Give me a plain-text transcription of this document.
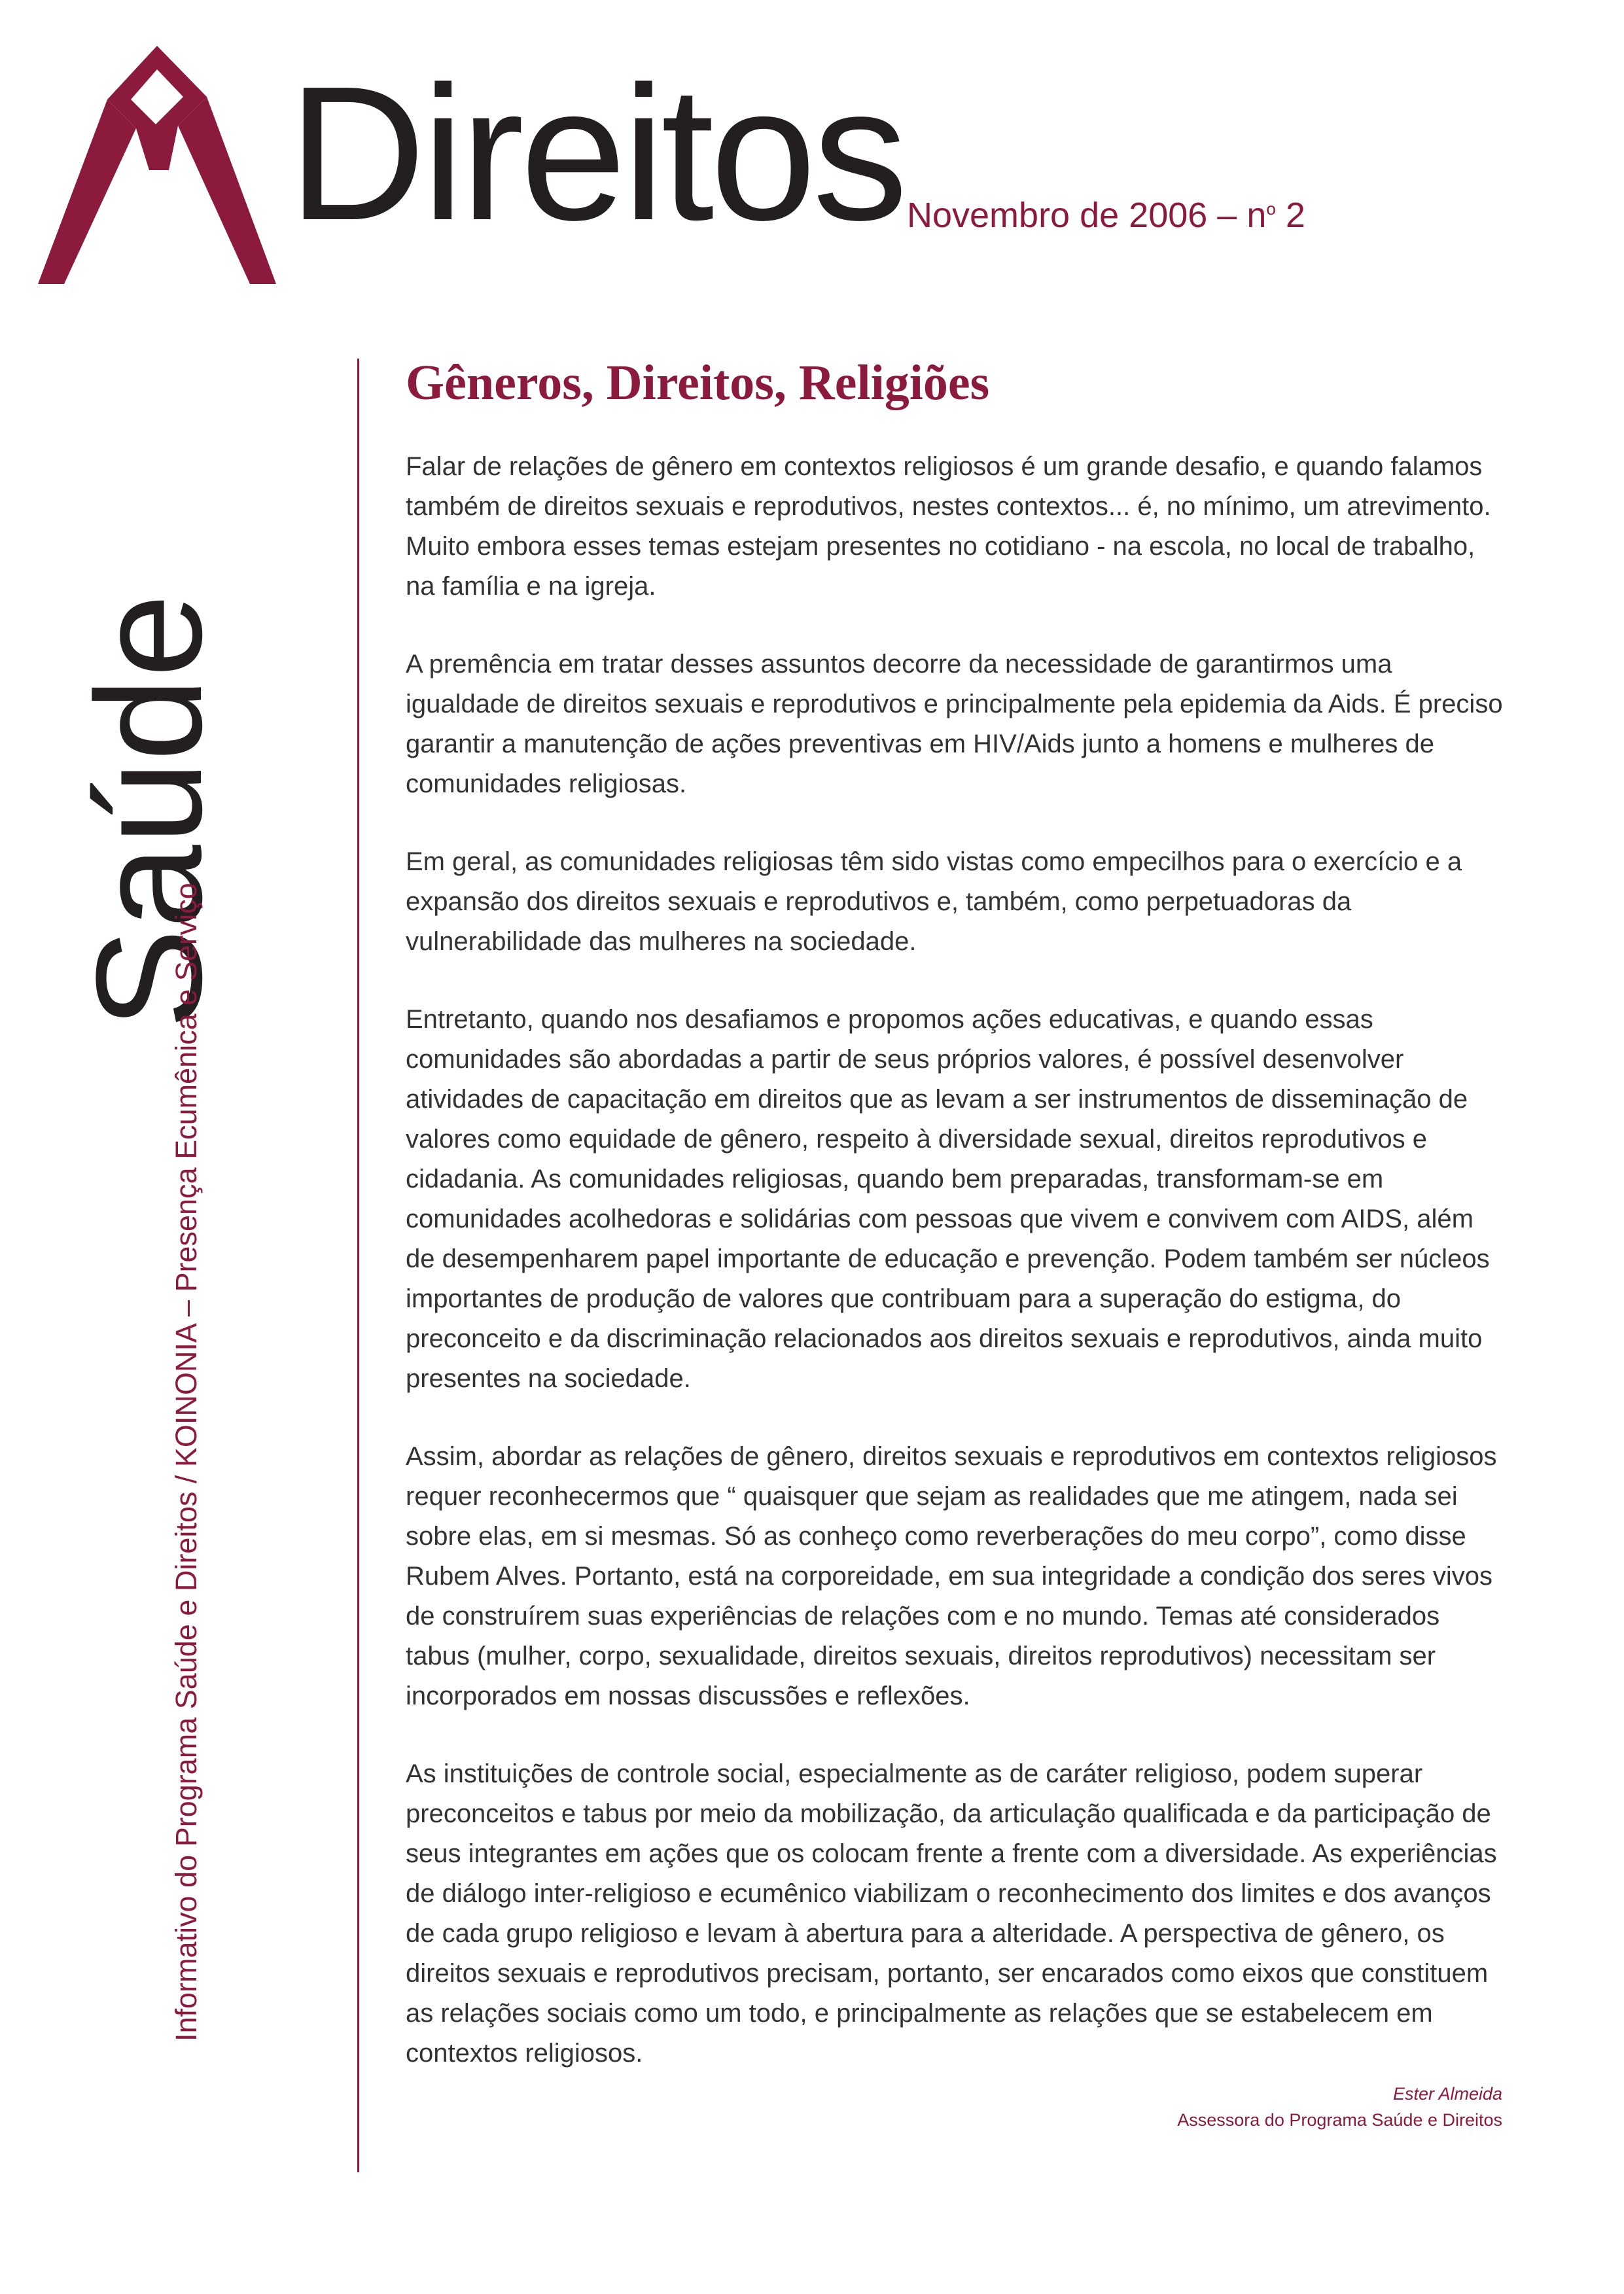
Direitos Novembro de $2006 - n^o$ 2
Saúde
Informativo do Programa Saúde e Direitos / KOINONIA – Presença Ecumênica e Serviço
Gêneros, Direitos, Religiões

Falar de relações de gênero em contextos religiosos é um grande desafio, e quando falamos também de direitos sexuais e reprodutivos, nestes contextos... é, no mínimo, um atrevimento. Muito embora esses temas estejam presentes no cotidiano - na escola, no local de trabalho, na família e na igreja.

A premência em tratar desses assuntos decorre da necessidade de garantirmos uma igualdade de direitos sexuais e reprodutivos e principalmente pela epidemia da Aids. É preciso garantir a manutenção de ações preventivas em HIV/Aids junto a homens e mulheres de comunidades religiosas.

Em geral, as comunidades religiosas têm sido vistas como empecilhos para o exercício e a expansão dos direitos sexuais e reprodutivos e, também, como perpetuadoras da vulnerabilidade das mulheres na sociedade.

Entretanto, quando nos desafiamos e propomos ações educativas, e quando essas comunidades são abordadas a partir de seus próprios valores, é possível desenvolver atividades de capacitação em direitos que as levam a ser instrumentos de disseminação de valores como equidade de gênero, respeito à diversidade sexual, direitos reprodutivos e cidadania. As comunidades religiosas, quando bem preparadas, transformam-se em comunidades acolhedoras e solidárias com pessoas que vivem e convivem com AIDS, além de desempenharem papel importante de educação e prevenção. Podem também ser núcleos importantes de produção de valores que contribuam para a superação do estigma, do preconceito e da discriminação relacionados aos direitos sexuais e reprodutivos, ainda muito presentes na sociedade.

Assim, abordar as relações de gênero, direitos sexuais e reprodutivos em contextos religiosos requer reconhecermos que “ quaisquer que sejam as realidades que me atingem, nada sei sobre elas, em si mesmas. Só as conheço como reverberações do meu corpo”, como disse Rubem Alves. Portanto, está na corporeidade, em sua integridade a condição dos seres vivos de construírem suas experiências de relações com e no mundo. Temas até considerados tabus (mulher, corpo, sexualidade, direitos sexuais, direitos reprodutivos) necessitam ser incorporados em nossas discussões e reflexões.

As instituições de controle social, especialmente as de caráter religioso, podem superar preconceitos e tabus por meio da mobilização, da articulação qualificada e da participação de seus integrantes em ações que os colocam frente a frente com a diversidade. As experiências de diálogo inter-religioso e ecumênico viabilizam o reconhecimento dos limites e dos avanços de cada grupo religioso e levam à abertura para a alteridade. A perspectiva de gênero, os direitos sexuais e reprodutivos precisam, portanto, ser encarados como eixos que constituem as relações sociais como um todo, e principalmente as relações que se estabelecem em contextos religiosos.

Ester Almeida
Assessora do Programa Saúde e Direitos
